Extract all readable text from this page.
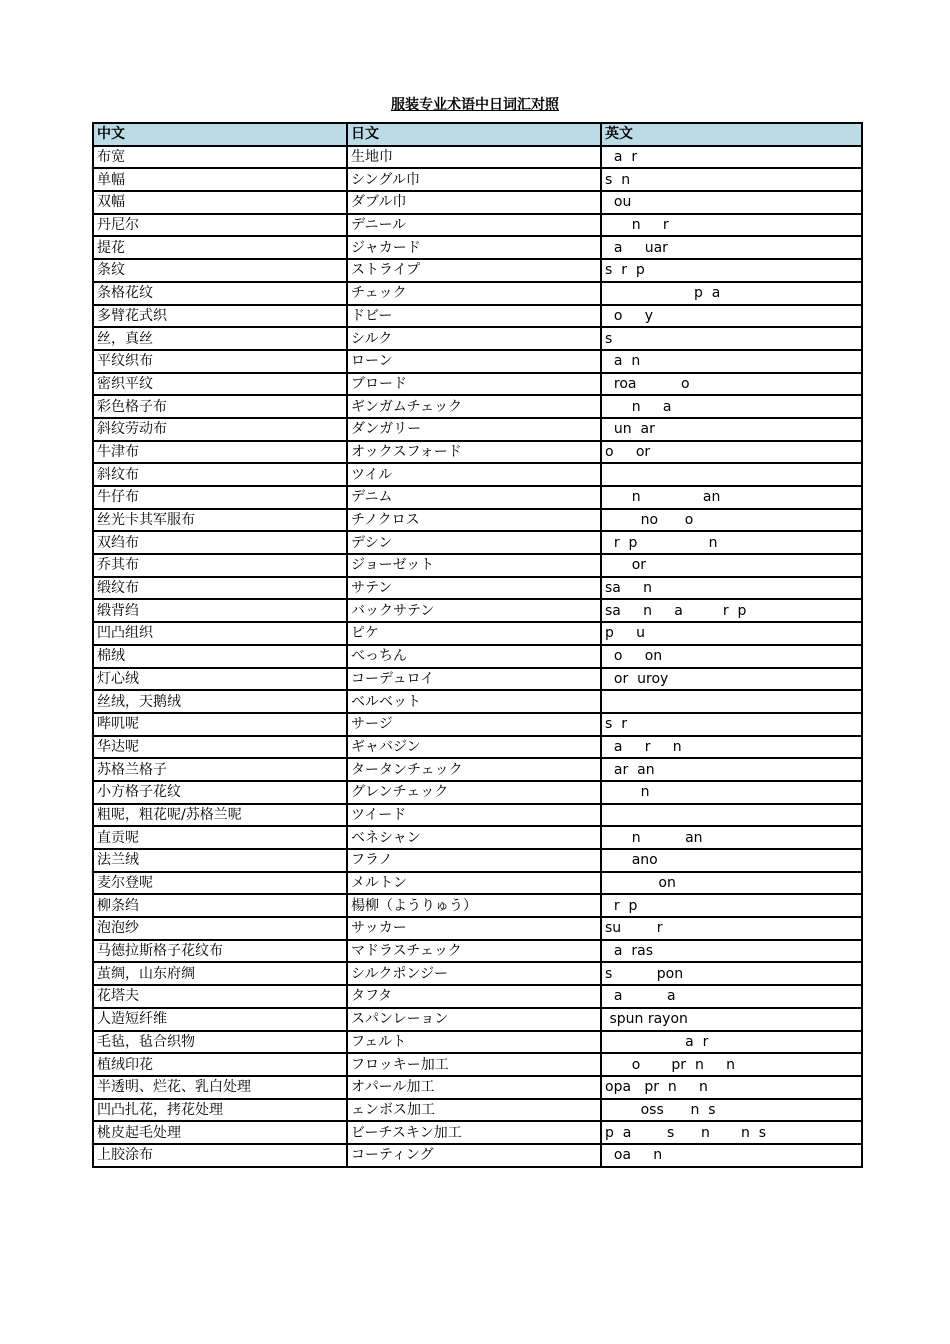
服装专业术语中日词汇对照
中文	日文	英文
布宽	生地巾	a  r
单幅	シングル巾	s  n
双幅	ダブル巾	ou
丹尼尔	デニール	n     r
提花	ジャカード	a     uar
条纹	ストライプ	s  r  p
条格花纹	チェック	p  a
多臂花式织	ドビー	o     y
丝，真丝	シルク	s
平纹织布	ローン	a  n
密织平纹	ブロード	roa          o
彩色格子布	ギンガムチェック	n     a
斜纹劳动布	ダンガリー	un  ar
牛津布	オックスフォード	o     or
斜纹布	ツイル	
牛仔布	デニム	n              an
丝光卡其军服布	チノクロス	no      o
双绉布	デシン	r  p                n
乔其布	ジョーゼット	or
缎纹布	サテン	sa     n
缎背绉	バックサテン	sa     n     a         r  p
凹凸组织	ピケ	p     u
棉绒	べっちん	o     on
灯心绒	コーデュロイ	or  uroy
丝绒，天鹅绒	ベルベット	
哔叽呢	サージ	s  r
华达呢	ギャバジン	a     r     n
苏格兰格子	タータンチェック	ar  an
小方格子花纹	グレンチェック	n
粗呢，粗花呢/苏格兰呢	ツイード	
直贡呢	ベネシャン	n          an
法兰绒	フラノ	ano
麦尔登呢	メルトン	on
柳条绉	楊柳（ようりゅう）	r  p
泡泡纱	サッカー	su        r
马德拉斯格子花纹布	マドラスチェック	a  ras
茧绸，山东府绸	シルクポンジー	s          pon
花塔夫	タフタ	a          a
人造短纤维	スパンレーョン	spun rayon
毛毡，毡合织物	フェルト	a  r
植绒印花	フロッキー加工	o       pr  n     n
半透明、烂花、乳白处理	オパール加工	opa   pr  n     n
凹凸扎花，拷花处理	ェンボス加工	oss      n  s
桃皮起毛处理	ビーチスキン加工	p  a        s      n       n  s
上胶涂布	コーティング	oa     n
